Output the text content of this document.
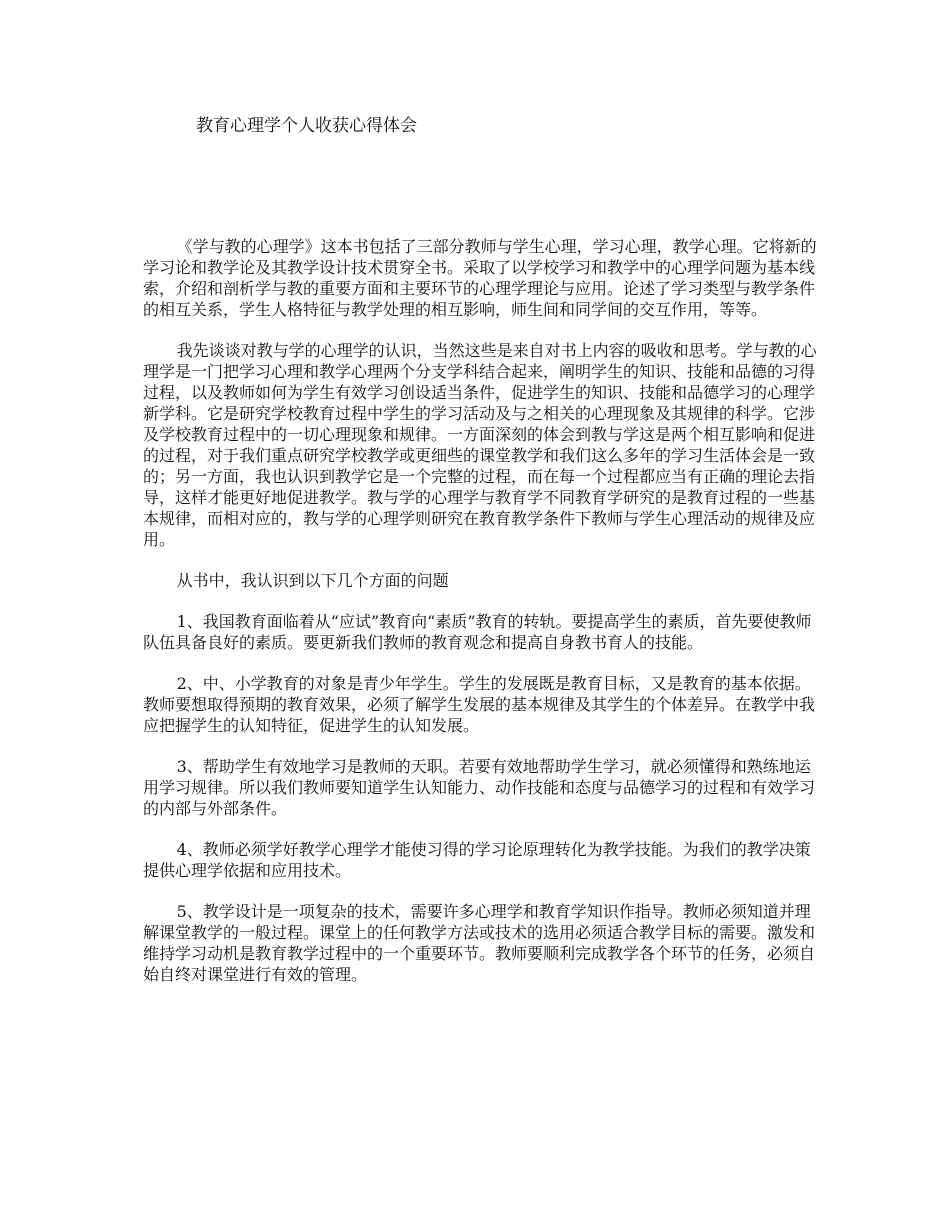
教育心理学个人收获心得体会

《学与教的心理学》这本书包括了三部分教师与学生心理，学习心理，教学心理。它将新的学习论和教学论及其教学设计技术贯穿全书。采取了以学校学习和教学中的心理学问题为基本线索，介绍和剖析学与教的重要方面和主要环节的心理学理论与应用。论述了学习类型与教学条件的相互关系，学生人格特征与教学处理的相互影响，师生间和同学间的交互作用，等等。

我先谈谈对教与学的心理学的认识，当然这些是来自对书上内容的吸收和思考。学与教的心理学是一门把学习心理和教学心理两个分支学科结合起来，阐明学生的知识、技能和品德的习得过程，以及教师如何为学生有效学习创设适当条件，促进学生的知识、技能和品德学习的心理学新学科。它是研究学校教育过程中学生的学习活动及与之相关的心理现象及其规律的科学。它涉及学校教育过程中的一切心理现象和规律。一方面深刻的体会到教与学这是两个相互影响和促进的过程，对于我们重点研究学校教学或更细些的课堂教学和我们这么多年的学习生活体会是一致的；另一方面，我也认识到教学它是一个完整的过程，而在每一个过程都应当有正确的理论去指导，这样才能更好地促进教学。教与学的心理学与教育学不同教育学研究的是教育过程的一些基本规律，而相对应的，教与学的心理学则研究在教育教学条件下教师与学生心理活动的规律及应用。

从书中，我认识到以下几个方面的问题

1、我国教育面临着从“应试”教育向“素质”教育的转轨。要提高学生的素质，首先要使教师队伍具备良好的素质。要更新我们教师的教育观念和提高自身教书育人的技能。

2、中、小学教育的对象是青少年学生。学生的发展既是教育目标，又是教育的基本依据。教师要想取得预期的教育效果，必须了解学生发展的基本规律及其学生的个体差异。在教学中我应把握学生的认知特征，促进学生的认知发展。

3、帮助学生有效地学习是教师的天职。若要有效地帮助学生学习，就必须懂得和熟练地运用学习规律。所以我们教师要知道学生认知能力、动作技能和态度与品德学习的过程和有效学习的内部与外部条件。

4、教师必须学好教学心理学才能使习得的学习论原理转化为教学技能。为我们的教学决策提供心理学依据和应用技术。

5、教学设计是一项复杂的技术，需要许多心理学和教育学知识作指导。教师必须知道并理解课堂教学的一般过程。课堂上的任何教学方法或技术的选用必须适合教学目标的需要。激发和维持学习动机是教育教学过程中的一个重要环节。教师要顺利完成教学各个环节的任务，必须自始自终对课堂进行有效的管理。
